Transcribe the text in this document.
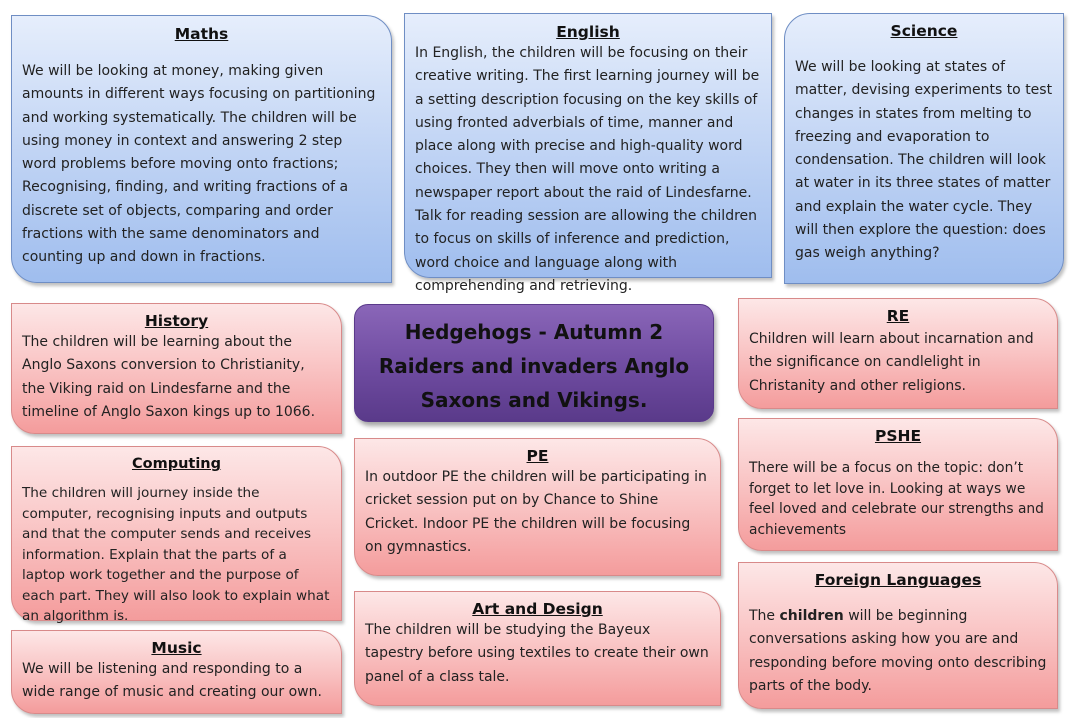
Maths
We will be looking at money, making given amounts in different ways focusing on partitioning and working systematically. The children will be using money in context and answering 2 step word problems before moving onto fractions; Recognising, finding, and writing fractions of a discrete set of objects, comparing and order fractions with the same denominators and counting up and down in fractions.
English
In English, the children will be focusing on their creative writing. The first learning journey will be a setting description focusing on the key skills of using fronted adverbials of time, manner and place along with precise and high-quality word choices. They then will move onto writing a newspaper report about the raid of Lindesfarne. Talk for reading session are allowing the children to focus on skills of inference and prediction, word choice and language along with comprehending and retrieving.
Science
We will be looking at states of matter, devising experiments to test changes in states from melting to freezing and evaporation to condensation. The children will look at water in its three states of matter and explain the water cycle. They will then explore the question: does gas weigh anything?
History
The children will be learning about the Anglo Saxons conversion to Christianity, the Viking raid on Lindesfarne and the timeline of Anglo Saxon kings up to 1066.
Hedgehogs - Autumn 2
Raiders and invaders Anglo
Saxons and Vikings.
RE
Children will learn about incarnation and the significance on candlelight in Christanity and other religions.
Computing
The children will journey inside the computer, recognising inputs and outputs and that the computer sends and receives information. Explain that the parts of a laptop work together and the purpose of each part. They will also look to explain what an algorithm is.
PE
In outdoor PE the children will be participating in cricket session put on by Chance to Shine Cricket. Indoor PE the children will be focusing on gymnastics.
PSHE
There will be a focus on the topic: don’t forget to let love in. Looking at ways we feel loved and celebrate our strengths and achievements
Music
We will be listening and responding to a wide range of music and creating our own.
Art and Design
The children will be studying the Bayeux tapestry before using textiles to create their own panel of a class tale.
Foreign Languages
The children will be beginning conversations asking how you are and responding before moving onto describing parts of the body.
